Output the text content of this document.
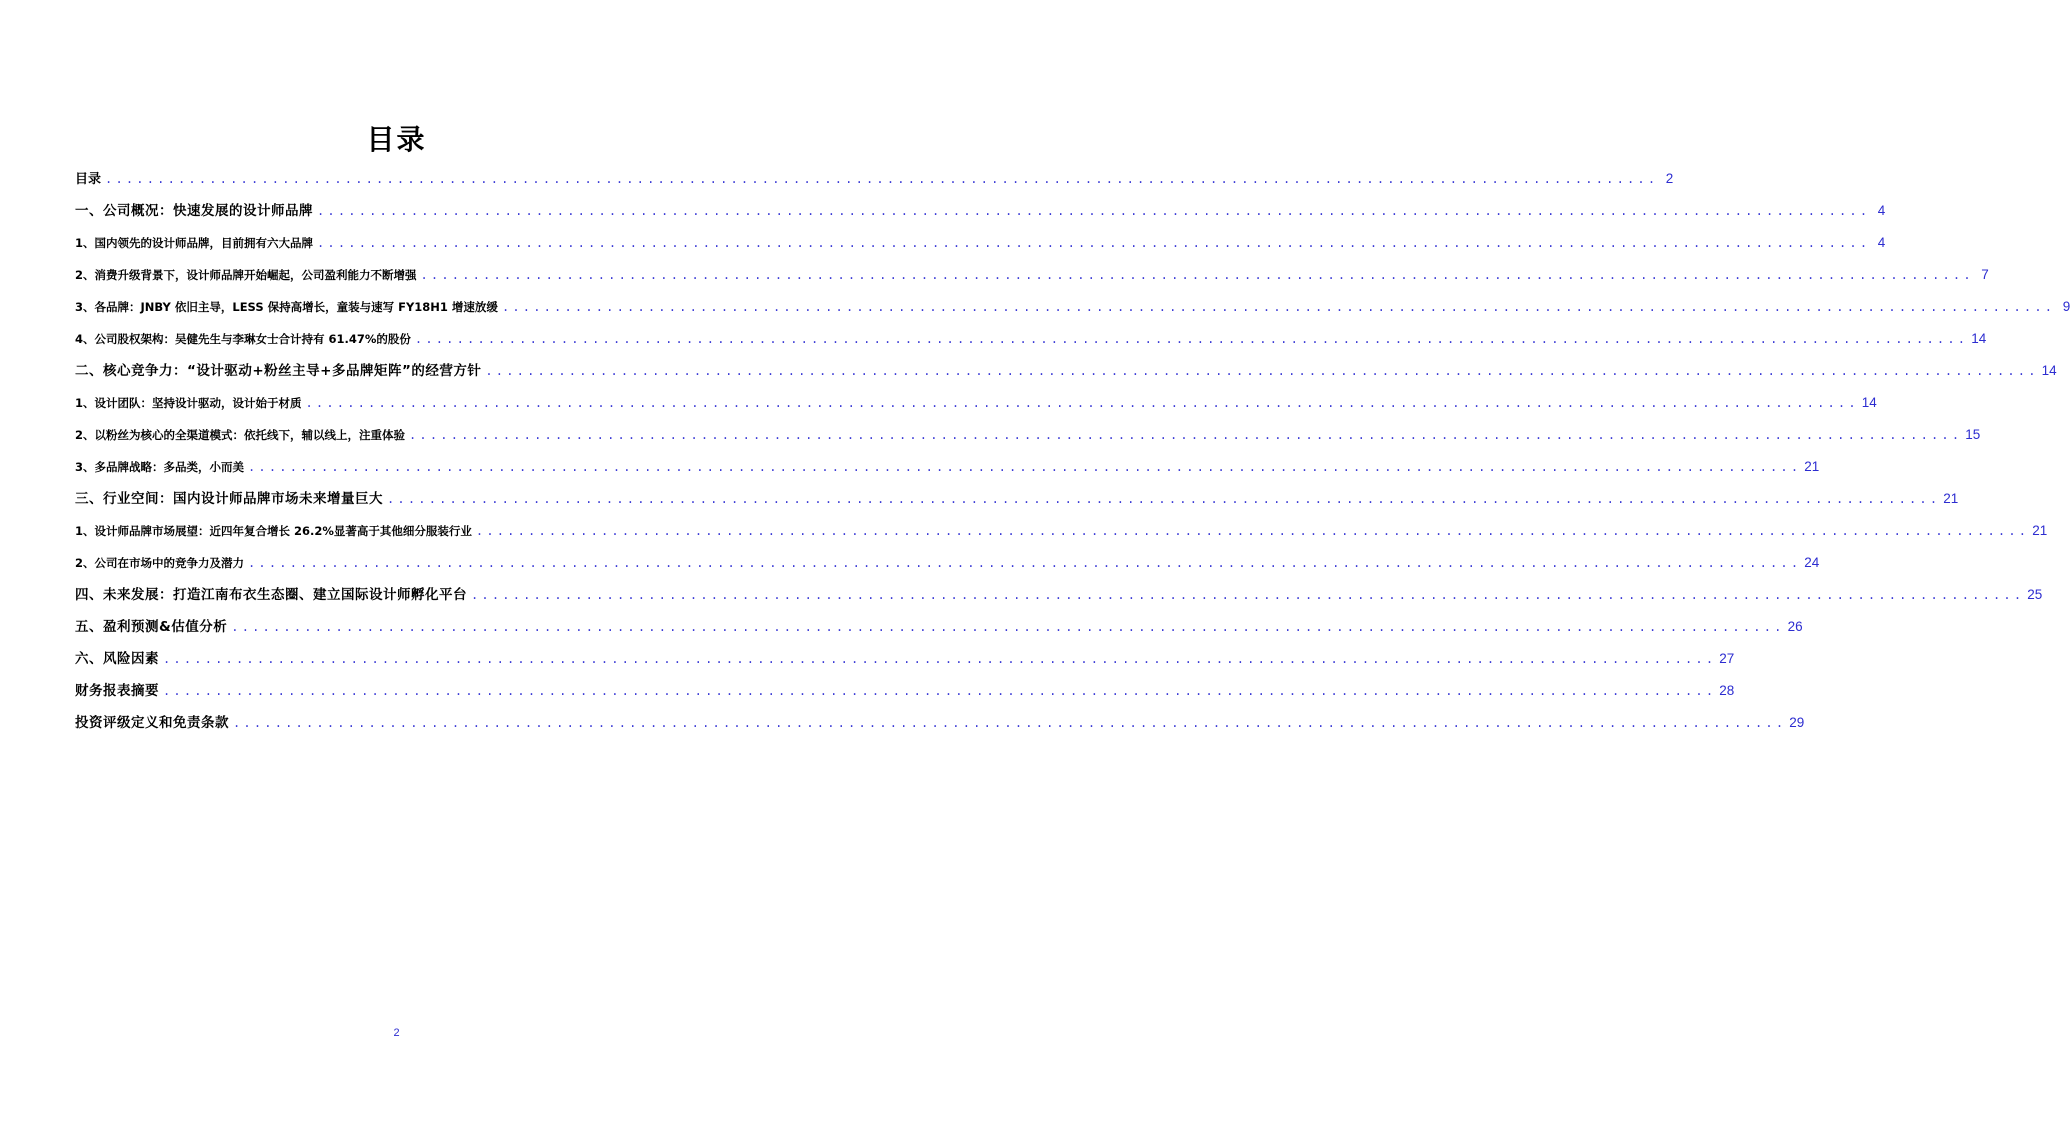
目录
目录 ..................................................................................................................................................... 2
一、公司概况：快速发展的设计师品牌 ..................................................................................................................................................... 4
1、国内领先的设计师品牌，目前拥有六大品牌 ..................................................................................................................................................... 4
2、消费升级背景下，设计师品牌开始崛起，公司盈利能力不断增强 ..................................................................................................................................................... 7
3、各品牌：JNBY 依旧主导，LESS 保持高增长，童装与速写 FY18H1 增速放缓 ..................................................................................................................................................... 9
4、公司股权架构：吴健先生与李琳女士合计持有 61.47%的股份 ..................................................................................................................................................... 14
二、核心竞争力：“设计驱动+粉丝主导+多品牌矩阵”的经营方针 ..................................................................................................................................................... 14
1、设计团队：坚持设计驱动，设计始于材质 ..................................................................................................................................................... 14
2、以粉丝为核心的全渠道模式：依托线下，辅以线上，注重体验 ..................................................................................................................................................... 15
3、多品牌战略：多品类，小而美 ..................................................................................................................................................... 21
三、行业空间：国内设计师品牌市场未来增量巨大 ..................................................................................................................................................... 21
1、设计师品牌市场展望：近四年复合增长 26.2%显著高于其他细分服装行业 ..................................................................................................................................................... 21
2、公司在市场中的竞争力及潜力 ..................................................................................................................................................... 24
四、未来发展：打造江南布衣生态圈、建立国际设计师孵化平台 ..................................................................................................................................................... 25
五、盈利预测&估值分析 ..................................................................................................................................................... 26
六、风险因素 ..................................................................................................................................................... 27
财务报表摘要 ..................................................................................................................................................... 28
投资评级定义和免责条款 ..................................................................................................................................................... 29
2
